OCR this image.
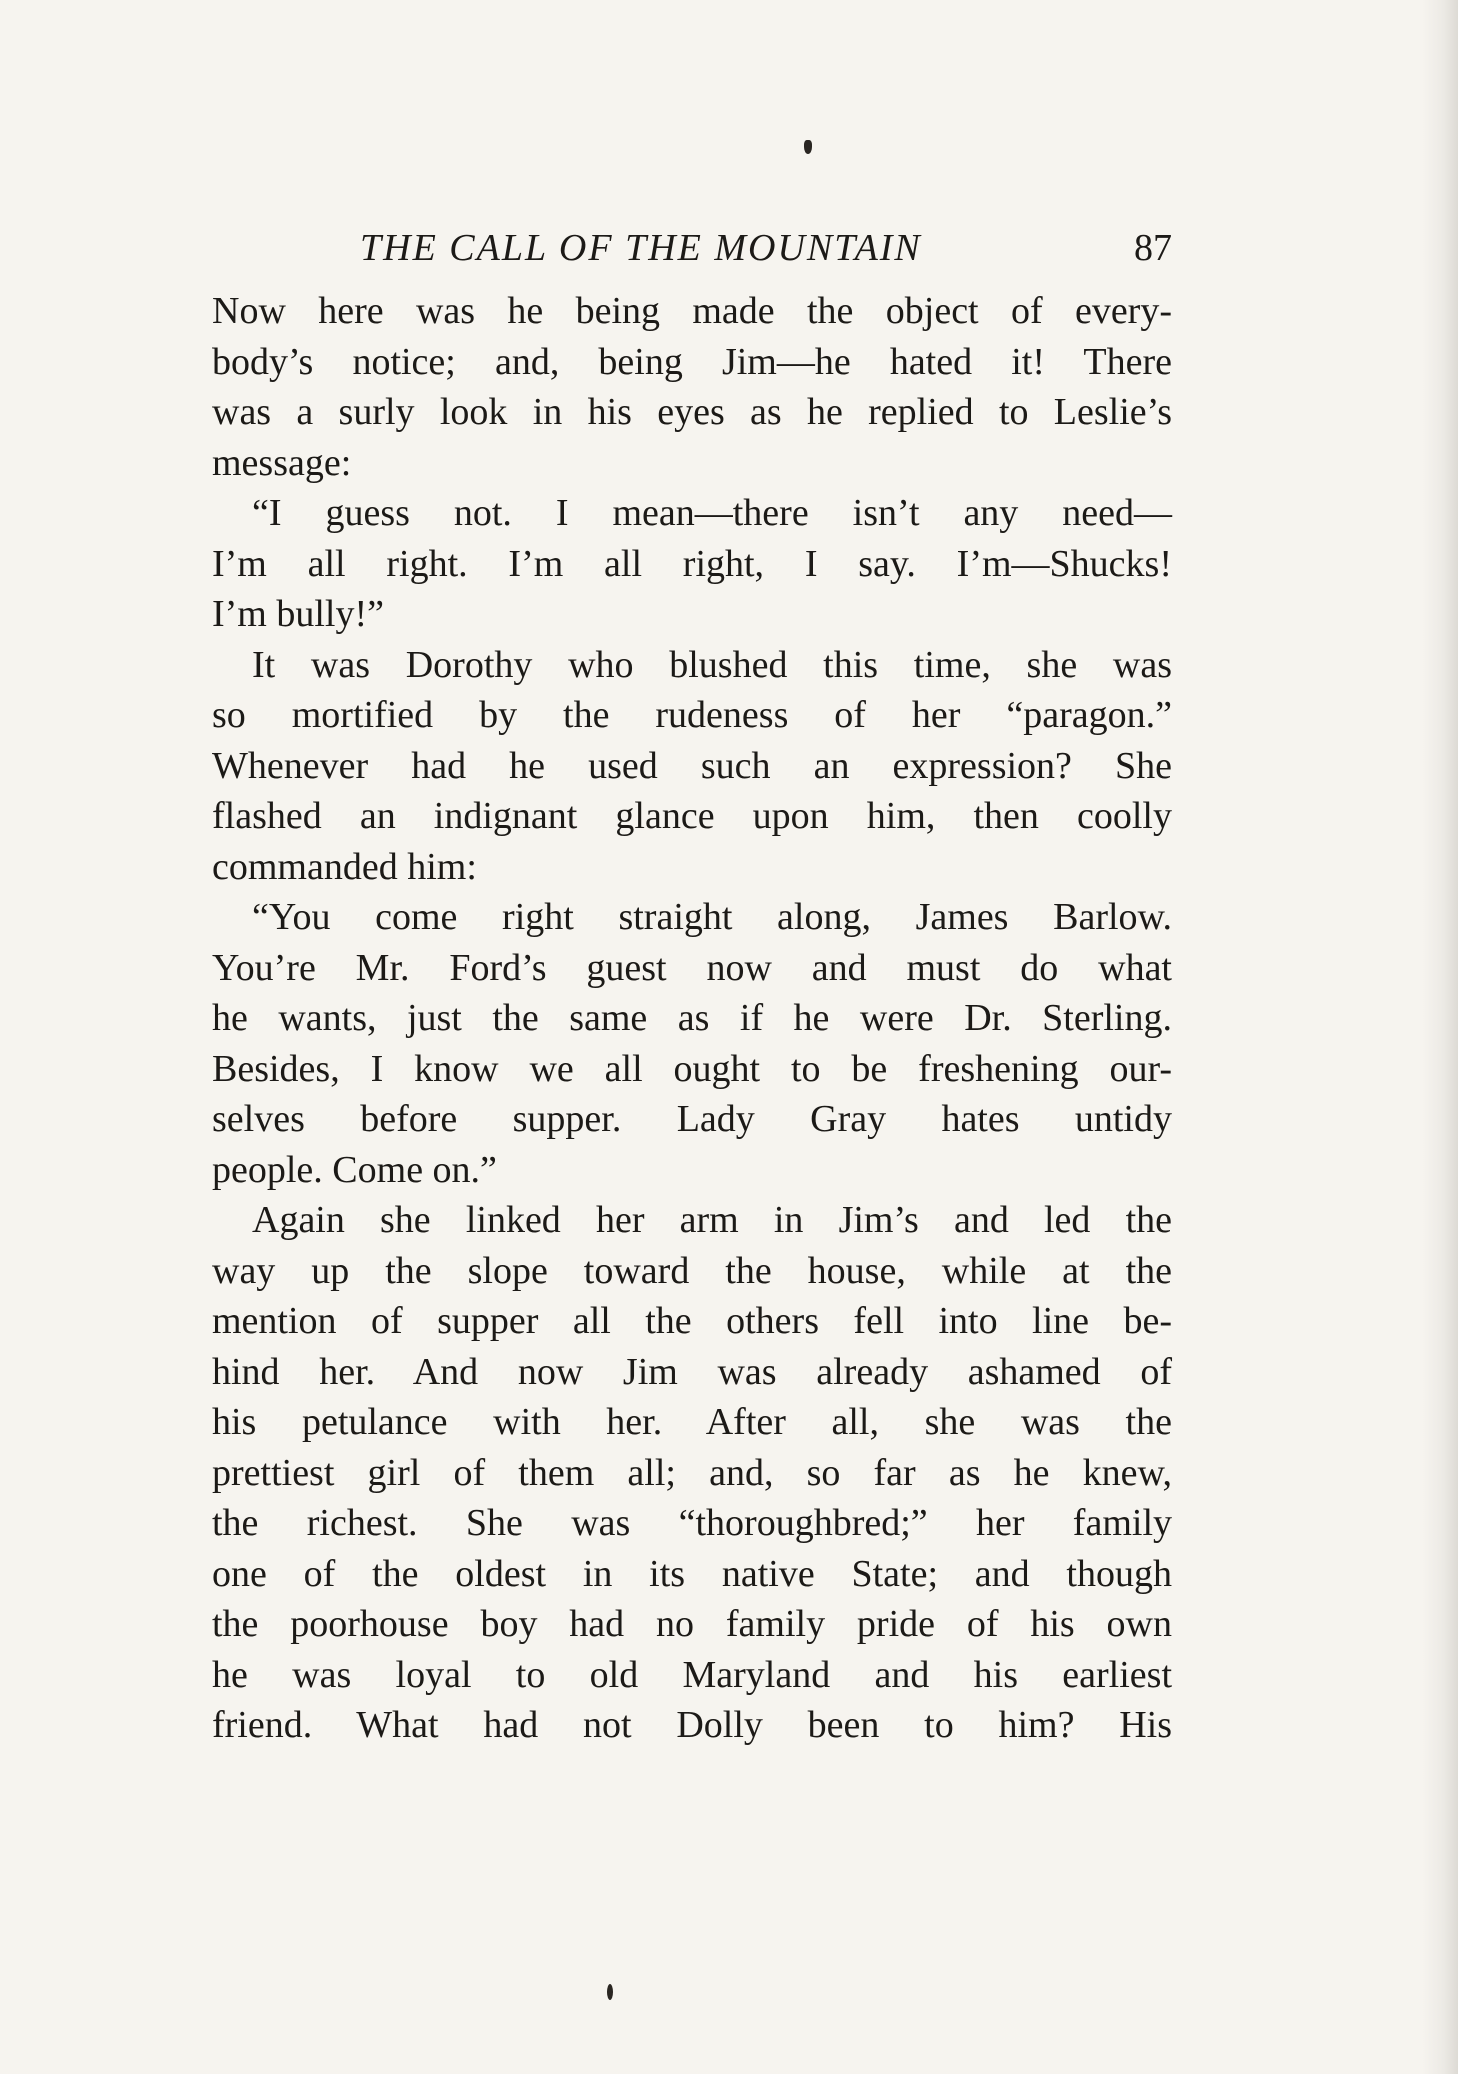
THE CALL OF THE MOUNTAIN	87
Now here was he being made the object of every-
body’s notice; and, being Jim—he hated it! There
was a surly look in his eyes as he replied to Leslie’s
message:
“I guess not. I mean—there isn’t any need—
I’m all right. I’m all right, I say. I’m—Shucks!
I’m bully!”
It was Dorothy who blushed this time, she was
so mortified by the rudeness of her “paragon.”
Whenever had he used such an expression? She
flashed an indignant glance upon him, then coolly
commanded him:
“You come right straight along, James Barlow.
You’re Mr. Ford’s guest now and must do what
he wants, just the same as if he were Dr. Sterling.
Besides, I know we all ought to be freshening our-
selves before supper. Lady Gray hates untidy
people. Come on.”
Again she linked her arm in Jim’s and led the
way up the slope toward the house, while at the
mention of supper all the others fell into line be-
hind her. And now Jim was already ashamed of
his petulance with her. After all, she was the
prettiest girl of them all; and, so far as he knew,
the richest. She was “thoroughbred;” her family
one of the oldest in its native State; and though
the poorhouse boy had no family pride of his own
he was loyal to old Maryland and his earliest
friend. What had not Dolly been to him? His
